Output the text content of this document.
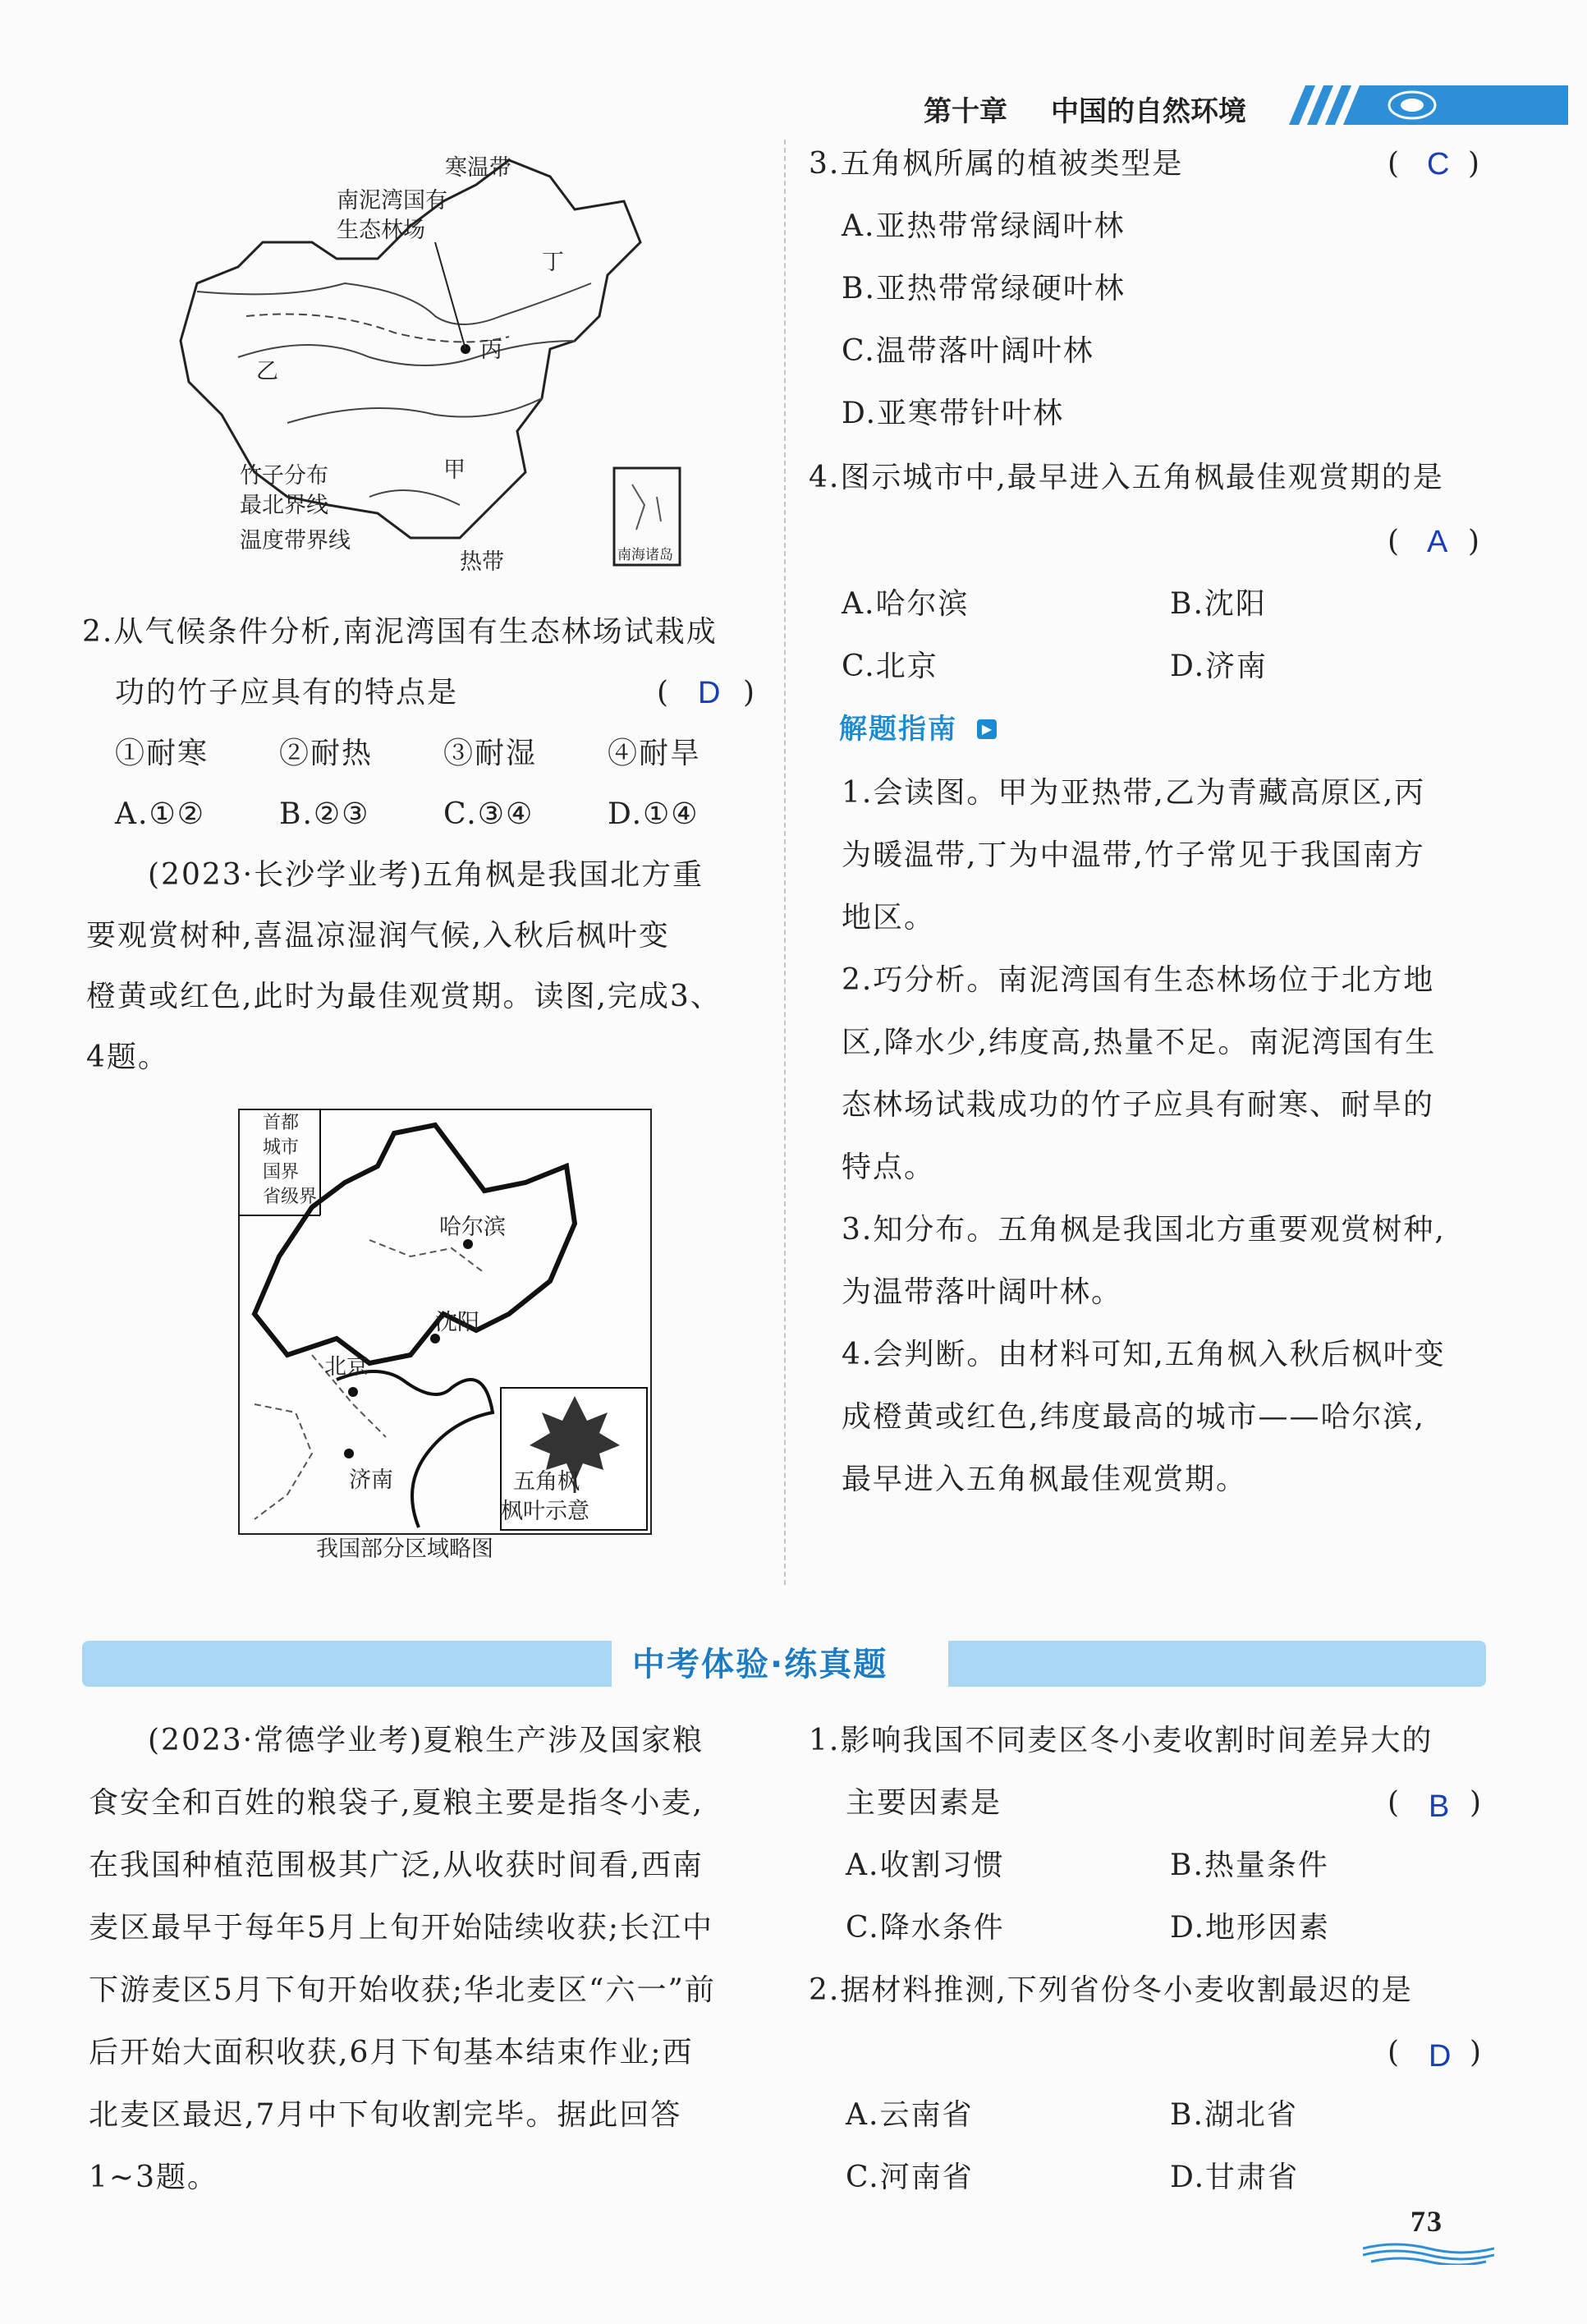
第十章 中国的自然环境
寒温带
南泥湾国有
生态林场
丁
丙
乙
甲
热带	南海诸岛
竹子分布
最北界线
温度带界线
2.从气候条件分析,南泥湾国有生态林场试栽成
功的竹子应具有的特点是	( D )
①耐寒 ②耐热 ③耐湿 ④耐旱
A.①②	B.②③ C.③④ D.①④
(2023·长沙学业考)五角枫是我国北方重
要观赏树种,喜温凉湿润气候,入秋后枫叶变
橙黄或红色,此时为最佳观赏期。读图,完成3、
4题。
首都
城市
国界
省级界
哈尔滨
沈阳
北京
济南	五角枫
枫叶示意
我国部分区域略图
3.五角枫所属的植被类型是	( C )
A.亚热带常绿阔叶林
B.亚热带常绿硬叶林
C.温带落叶阔叶林
D.亚寒带针叶林
4.图示城市中,最早进入五角枫最佳观赏期的是
( A )
A.哈尔滨	B.沈阳
C.北京	D.济南
解题指南	▶
1.会读图。甲为亚热带,乙为青藏高原区,丙
为暖温带,丁为中温带,竹子常见于我国南方
地区。
2.巧分析。南泥湾国有生态林场位于北方地
区,降水少,纬度高,热量不足。南泥湾国有生
态林场试栽成功的竹子应具有耐寒、耐旱的
特点。
3.知分布。五角枫是我国北方重要观赏树种,
为温带落叶阔叶林。
4.会判断。由材料可知,五角枫入秋后枫叶变
成橙黄或红色,纬度最高的城市——哈尔滨,
最早进入五角枫最佳观赏期。
中考体验·练真题
(2023·常德学业考)夏粮生产涉及国家粮
食安全和百姓的粮袋子,夏粮主要是指冬小麦,
在我国种植范围极其广泛,从收获时间看,西南
麦区最早于每年5月上旬开始陆续收获;长江中
下游麦区5月下旬开始收获;华北麦区“六一”前
后开始大面积收获,6月下旬基本结束作业;西
北麦区最迟,7月中下旬收割完毕。据此回答
1~3题。
1.影响我国不同麦区冬小麦收割时间差异大的
主要因素是	( B )
A.收割习惯	B.热量条件
C.降水条件	D.地形因素
2.据材料推测,下列省份冬小麦收割最迟的是
( D )
A.云南省	B.湖北省
C.河南省	D.甘肃省
73
